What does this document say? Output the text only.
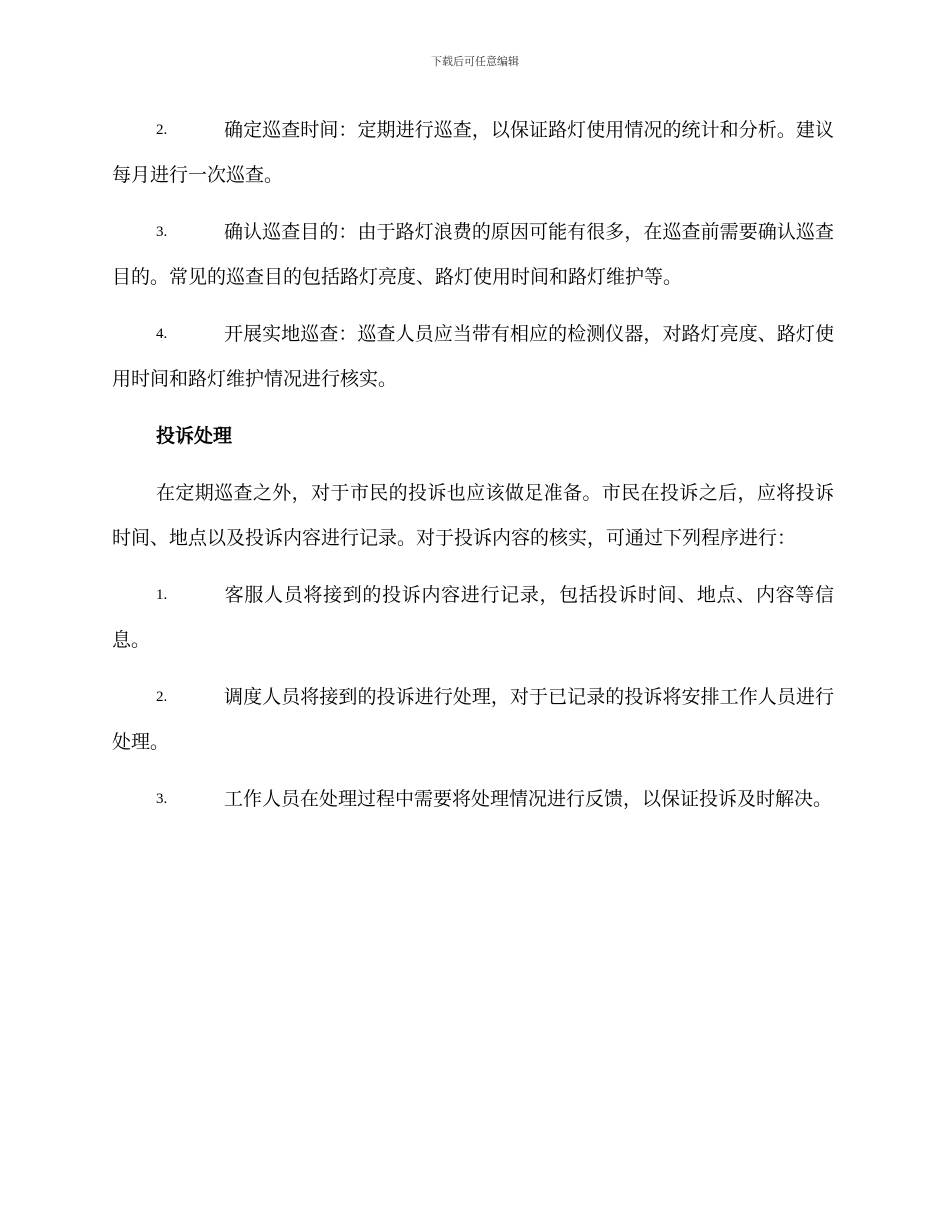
下载后可任意编辑

2.	确定巡查时间：定期进行巡查，以保证路灯使用情况的统计和分析。建议每月进行一次巡查。

3.	确认巡查目的：由于路灯浪费的原因可能有很多，在巡查前需要确认巡查目的。常见的巡查目的包括路灯亮度、路灯使用时间和路灯维护等。

4.	开展实地巡查：巡查人员应当带有相应的检测仪器，对路灯亮度、路灯使用时间和路灯维护情况进行核实。

投诉处理

在定期巡查之外，对于市民的投诉也应该做足准备。市民在投诉之后，应将投诉时间、地点以及投诉内容进行记录。对于投诉内容的核实，可通过下列程序进行：

1.	客服人员将接到的投诉内容进行记录，包括投诉时间、地点、内容等信息。

2.	调度人员将接到的投诉进行处理，对于已记录的投诉将安排工作人员进行处理。

3.	工作人员在处理过程中需要将处理情况进行反馈，以保证投诉及时解决。
